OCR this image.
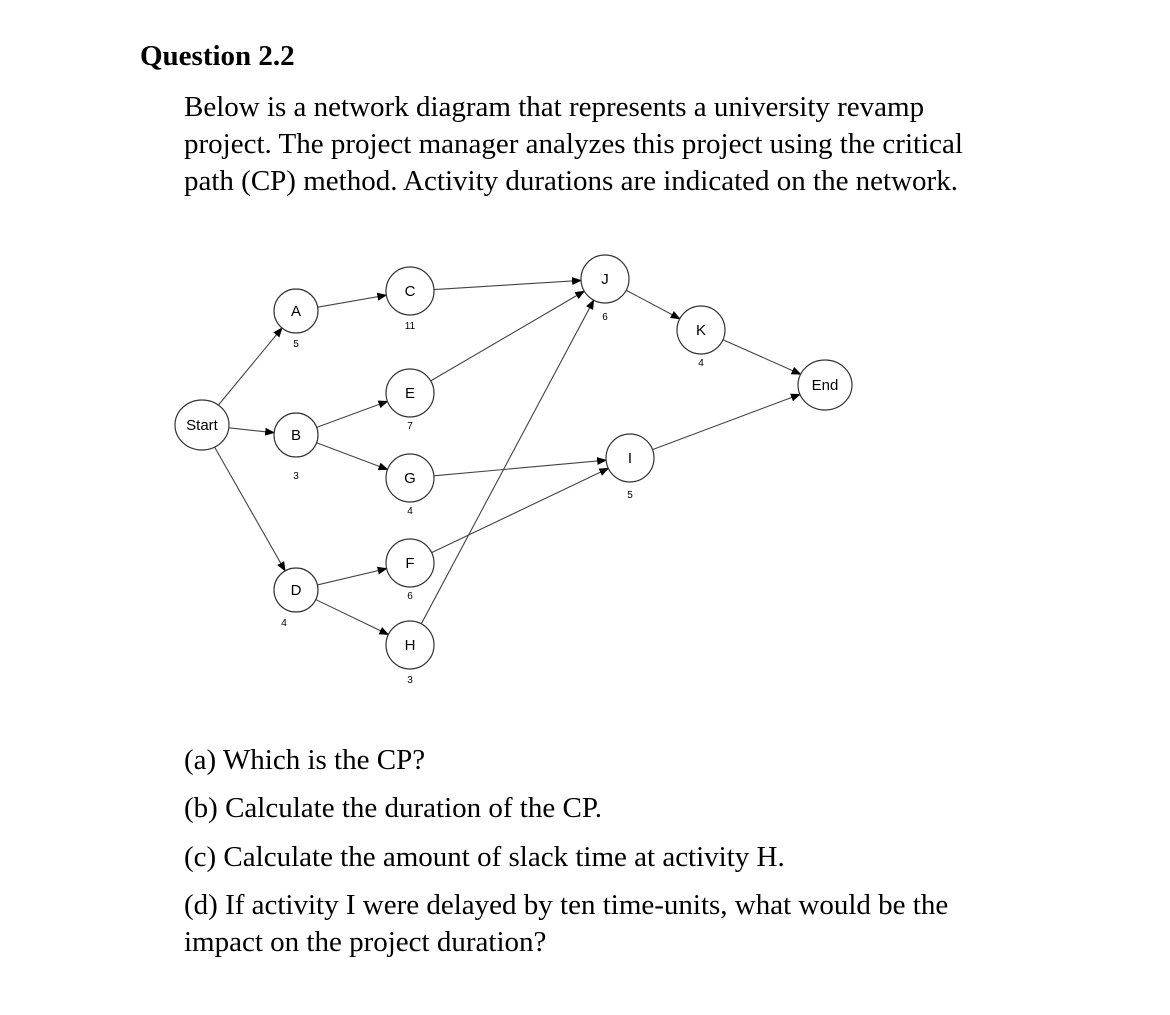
Question 2.2
Below is a network diagram that represents a university revamp
project. The project manager analyzes this project using the critical
path (CP) method. Activity durations are indicated on the network.
Start
A
5
B
3
D
4
C
11
E
7
G
4
F
6
H
3
J
6
I
5
K
4
End
(a) Which is the CP?
(b) Calculate the duration of the CP.
(c) Calculate the amount of slack time at activity H.
(d) If activity I were delayed by ten time-units, what would be the
impact on the project duration?
